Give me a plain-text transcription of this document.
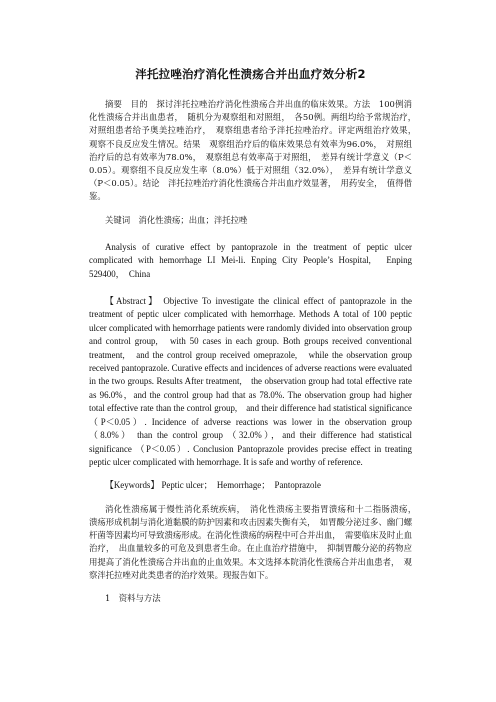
泮托拉唑治疗消化性溃疡合并出血疗效分析2

摘要　目的　探讨泮托拉唑治疗消化性溃疡合并出血的临床效果。方法　100例消化性溃疡合并出血患者，　随机分为观察组和对照组，　各50例。两组均给予常规治疗，　对照组患者给予奥美拉唑治疗，　观察组患者给予泮托拉唑治疗。评定两组治疗效果，　观察不良反应发生情况。结果　观察组治疗后的临床效果总有效率为96.0%，　对照组治疗后的总有效率为78.0%，　观察组总有效率高于对照组，　差异有统计学意义（P＜0.05）。观察组不良反应发生率（8.0%）低于对照组（32.0%），　差异有统计学意义（P＜0.05）。结论　泮托拉唑治疗消化性溃疡合并出血疗效显著，　用药安全，　值得借鉴。

关键词　消化性溃疡；出血；泮托拉唑

Analysis of curative effect by pantoprazole in the treatment of peptic ulcer complicated with hemorrhage LI Mei-li. Enping City People’s Hospital,　Enping 529400，　China

【Abstract】 Objective To investigate the clinical effect of pantoprazole in the treatment of peptic ulcer complicated with hemorrhage. Methods A total of 100 peptic ulcer complicated with hemorrhage patients were randomly divided into observation group and control group,　with 50 cases in each group. Both groups received conventional treatment,　and the control group received omeprazole,　while the observation group received pantoprazole. Curative effects and incidences of adverse reactions were evaluated in the two groups. Results After treatment,　the observation group had total effective rate as 96.0%，and the control group had that as 78.0%. The observation group had higher total effective rate than the control group,　and their difference had statistical significance （P＜0.05）. Incidence of adverse reactions was lower in the observation group （8.0%） than the control group （32.0%），and their difference had statistical significance （P＜0.05）. Conclusion Pantoprazole provides precise effect in treating peptic ulcer complicated with hemorrhage. It is safe and worthy of reference.

【Keywords】 Peptic ulcer；　Hemorrhage；　Pantoprazole

消化性溃疡属于慢性消化系统疾病，　消化性溃疡主要指胃溃疡和十二指肠溃疡，　溃疡形成机制与消化道黏膜的防护因素和攻击因素失衡有关，　如胃酸分泌过多、幽门螺杆菌等因素均可导致溃疡形成。在消化性溃疡的病程中可合并出血，　需要临床及时止血治疗，　出血量较多的可危及到患者生命。在止血治疗措施中，　抑制胃酸分泌的药物应用提高了消化性溃疡合并出血的止血效果。本文选择本院消化性溃疡合并出血患者，　观察泮托拉唑对此类患者的治疗效果。现报告如下。

1　资料与方法
